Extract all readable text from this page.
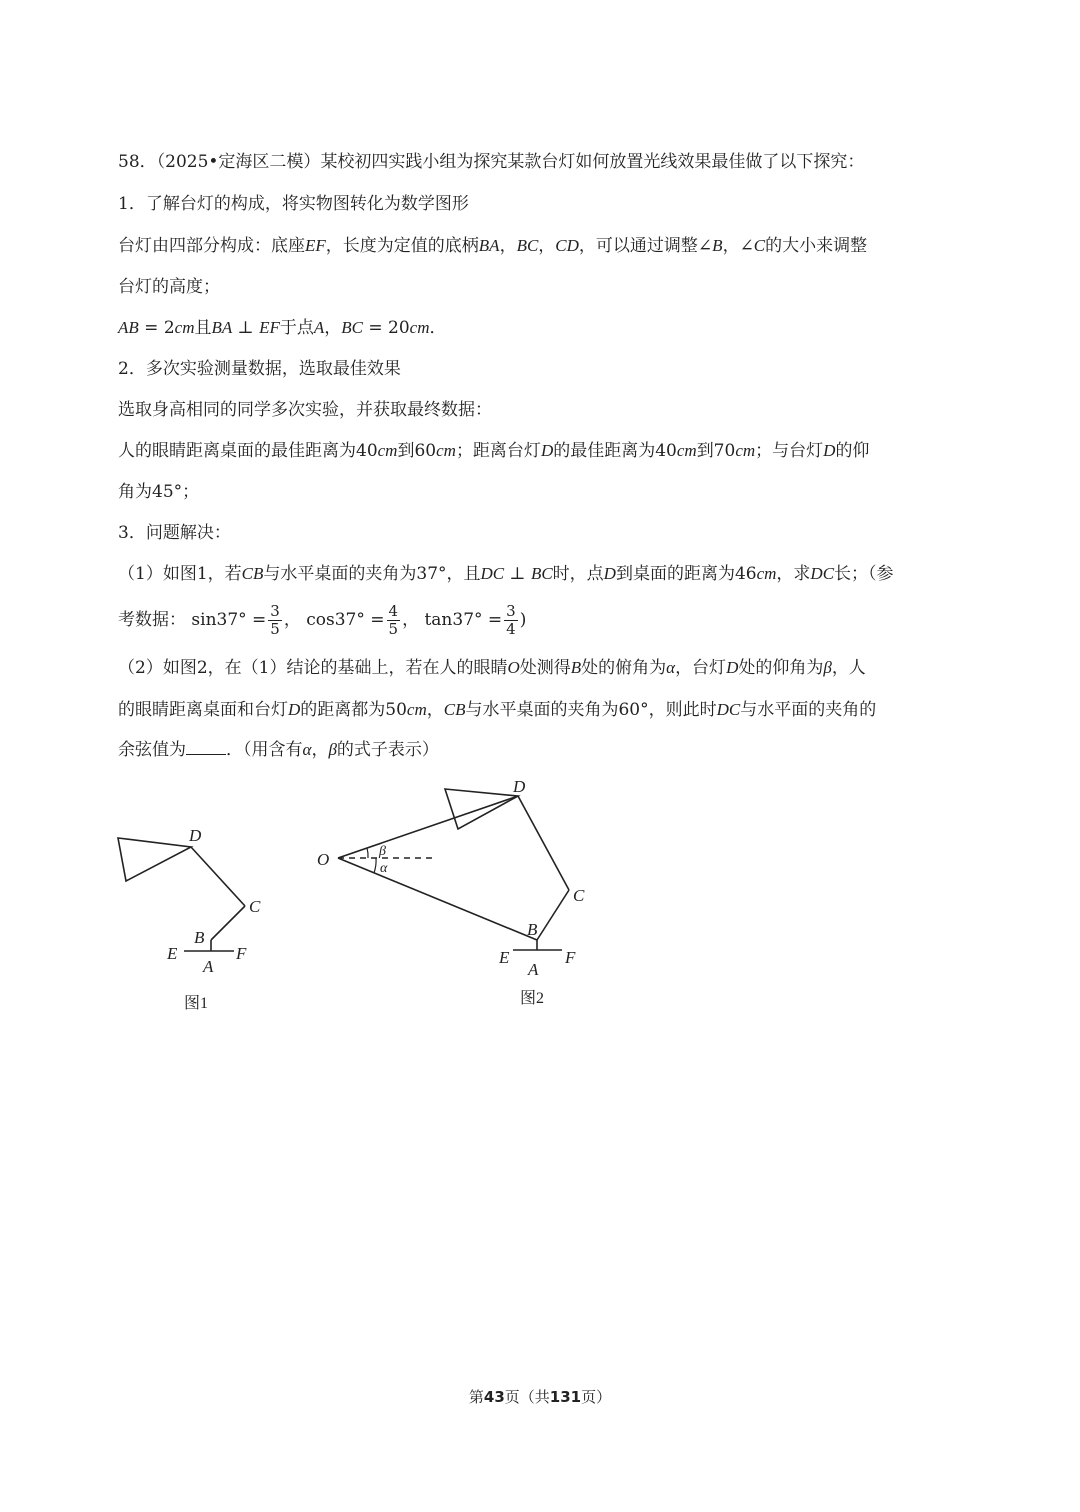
58．（2025•定海区二模）某校初四实践小组为探究某款台灯如何放置光线效果最佳做了以下探究：
1．了解台灯的构成，将实物图转化为数学图形
台灯由四部分构成：底座EF，长度为定值的底柄BA，BC，CD，可以通过调整∠B，∠C的大小来调整
台灯的高度；
AB = 2cm且BA ⊥ EF于点A，BC = 20cm．
2．多次实验测量数据，选取最佳效果
选取身高相同的同学多次实验，并获取最终数据：
人的眼睛距离桌面的最佳距离为40cm到60cm；距离台灯D的最佳距离为40cm到70cm；与台灯D的仰
角为45°；
3．问题解决：
（1）如图1，若CB与水平桌面的夹角为37°，且DC ⊥ BC时，点D到桌面的距离为46cm，求DC长；（参
考数据： $\sin 37^\circ = \frac{3}{5}$ ， $\cos 37^\circ = \frac{4}{5}$ ， $\tan 37^\circ = \frac{3}{4}$ )
（2）如图2，在（1）结论的基础上，若在人的眼睛O处测得B处的俯角为α，台灯D处的仰角为β，人
的眼睛距离桌面和台灯D的距离都为50cm，CB与水平桌面的夹角为60°，则此时DC与水平面的夹角的
余弦值为 ．（用含有α，β的式子表示）
D
C
B
E
A
F
图1
D
O	β
α
C
B
E
A
F
图2
第43页（共131页）
